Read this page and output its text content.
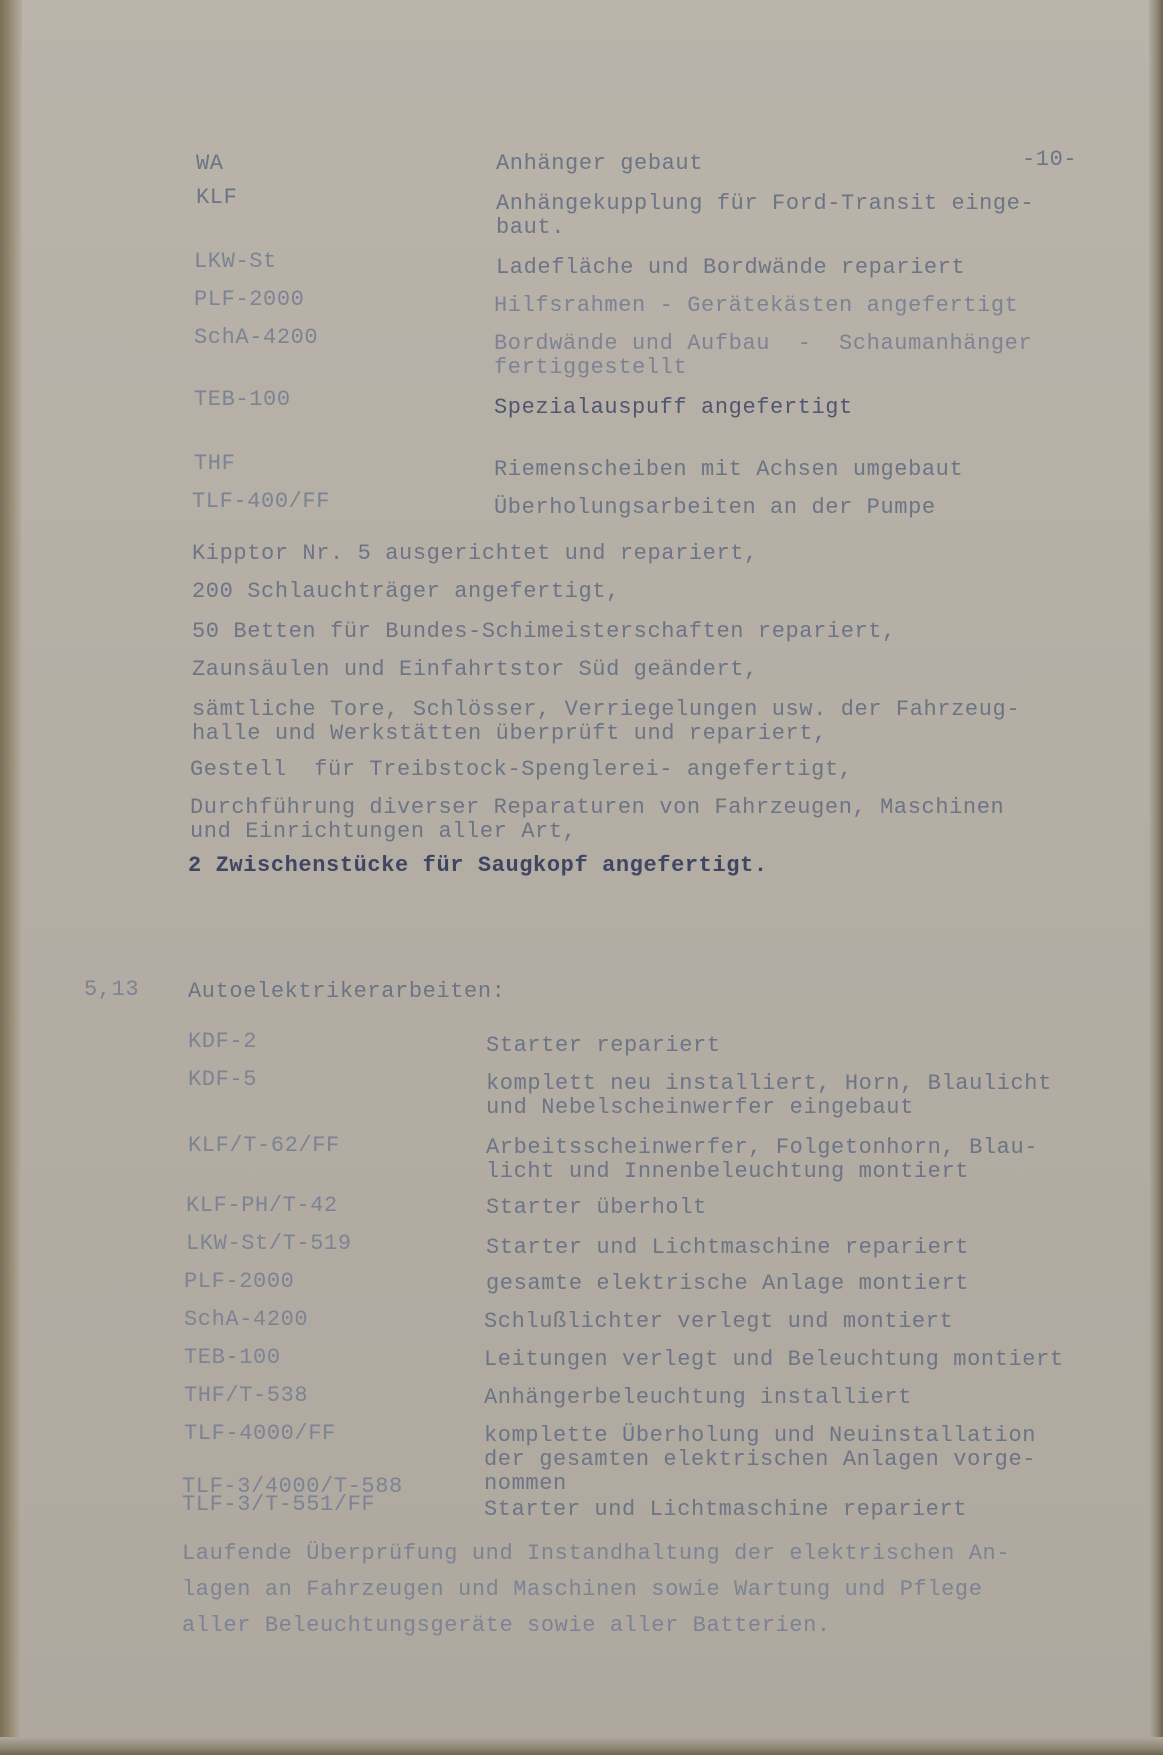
-10-
WA	Anhänger gebaut
KLF	Anhängekupplung für Ford-Transit einge-
baut.
LKW-St	Ladefläche und Bordwände repariert
PLF-2000	Hilfsrahmen - Gerätekästen angefertigt
SchA-4200	Bordwände und Aufbau  -  Schaumanhänger
fertiggestellt
TEB-100	Spezialauspuff angefertigt
THF	Riemenscheiben mit Achsen umgebaut
TLF-400/FF	Überholungsarbeiten an der Pumpe
Kipptor Nr. 5 ausgerichtet und repariert,
200 Schlauchträger angefertigt,
50 Betten für Bundes-Schimeisterschaften repariert,
Zaunsäulen und Einfahrtstor Süd geändert,
sämtliche Tore, Schlösser, Verriegelungen usw. der Fahrzeug-
halle und Werkstätten überprüft und repariert,
Gestell  für Treibstock-Spenglerei- angefertigt,
Durchführung diverser Reparaturen von Fahrzeugen, Maschinen
und Einrichtungen aller Art,
2 Zwischenstücke für Saugkopf angefertigt.
5,13 Autoelektrikerarbeiten:
KDF-2	Starter repariert
KDF-5	komplett neu installiert, Horn, Blaulicht
und Nebelscheinwerfer eingebaut
KLF/T-62/FF	Arbeitsscheinwerfer, Folgetonhorn, Blau-
licht und Innenbeleuchtung montiert
KLF-PH/T-42	Starter überholt
LKW-St/T-519	Starter und Lichtmaschine repariert
PLF-2000	gesamte elektrische Anlage montiert
SchA-4200	Schlußlichter verlegt und montiert
TEB-100	Leitungen verlegt und Beleuchtung montiert
THF/T-538	Anhängerbeleuchtung installiert
TLF-4000/FF	komplette Überholung und Neuinstallation
der gesamten elektrischen Anlagen vorge-
nommen
TLF-3/4000/T-588
TLF-3/T-551/FF	Starter und Lichtmaschine repariert
Laufende Überprüfung und Instandhaltung der elektrischen An-
lagen an Fahrzeugen und Maschinen sowie Wartung und Pflege
aller Beleuchtungsgeräte sowie aller Batterien.
